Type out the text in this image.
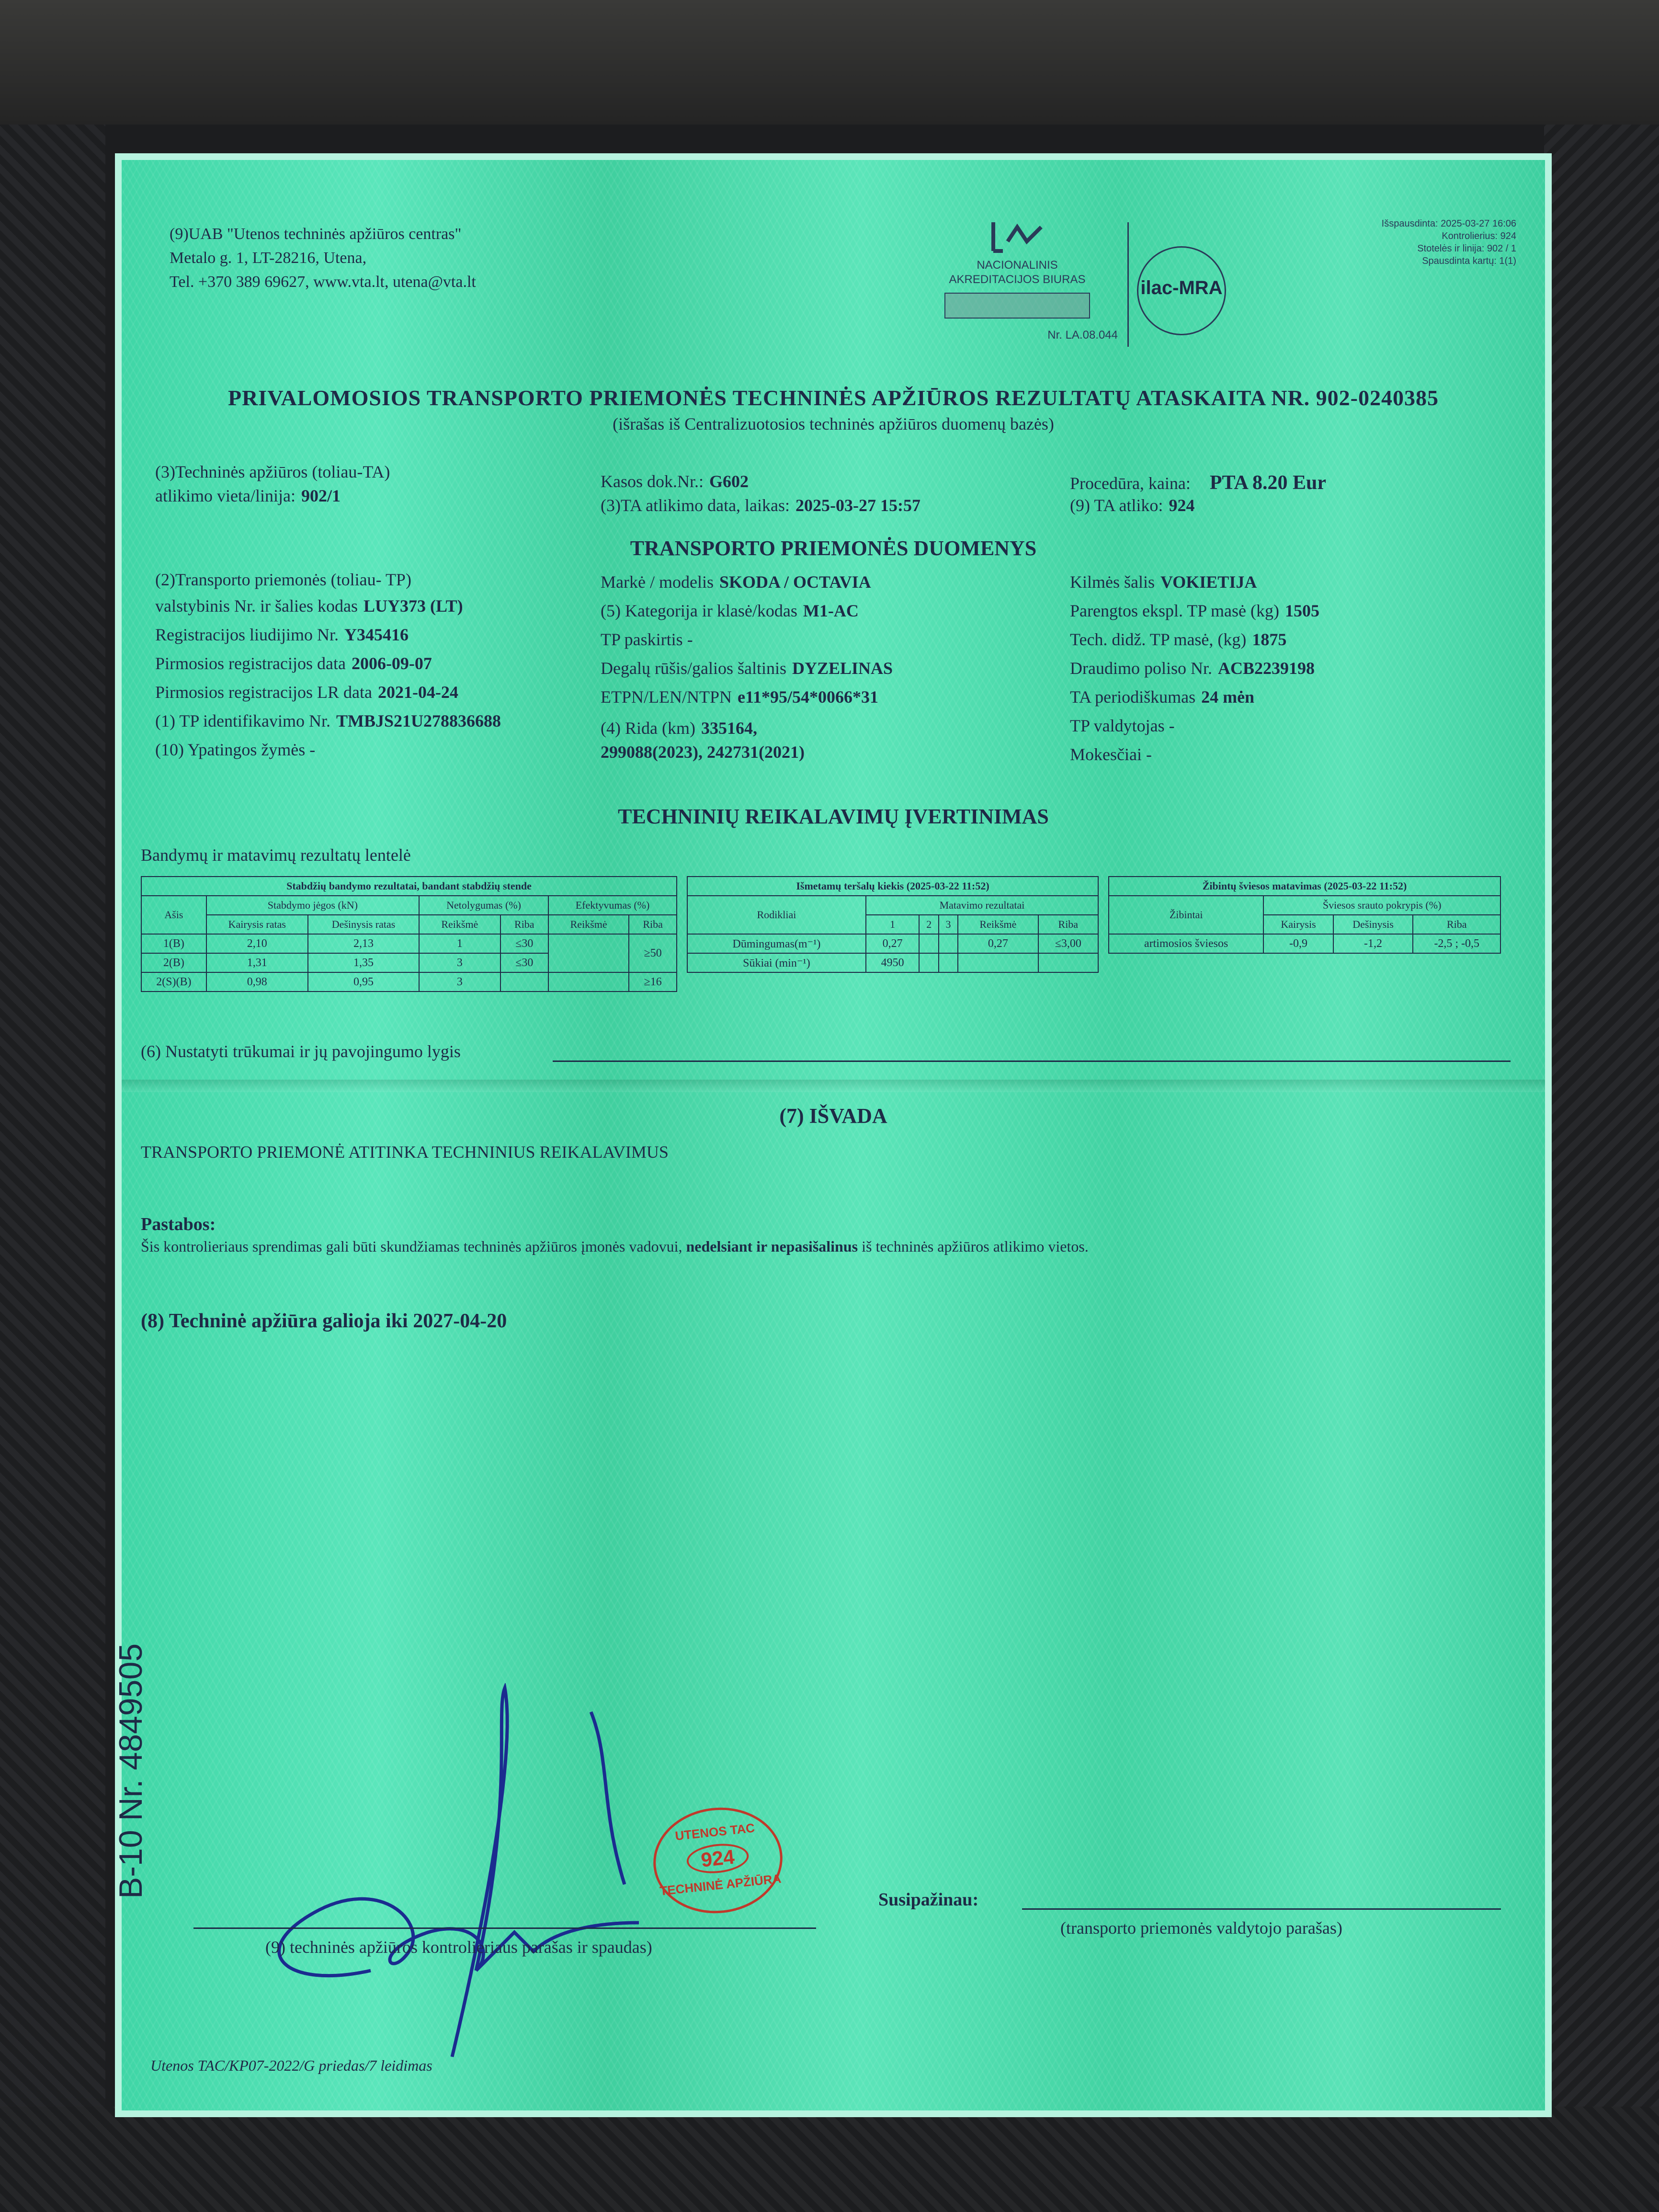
(9)UAB "Utenos techninės apžiūros centras"
Metalo g. 1, LT-28216, Utena,
Tel. +370 389 69627, www.vta.lt, utena@vta.lt
NACIONALINIS
AKREDITACIJOS BIURAS
Nr. LA.08.044
ilac-MRA
Išspausdinta: 2025-03-27 16:06
Kontrolierius: 924
Stotelės ir linija: 902 / 1
Spausdinta kartų: 1(1)
PRIVALOMOSIOS TRANSPORTO PRIEMONĖS TECHNINĖS APŽIŪROS REZULTATŲ ATASKAITA NR. 902-0240385
(išrašas iš Centralizuotosios techninės apžiūros duomenų bazės)
(3)Techninės apžiūros (toliau-TA)
atlikimo vieta/linija: 902/1
Kasos dok.Nr.: G602
(3)TA atlikimo data, laikas: 2025-03-27 15:57
Procedūra, kaina: PTA 8.20 Eur
(9) TA atliko: 924
TRANSPORTO PRIEMONĖS DUOMENYS
(2)Transporto priemonės (toliau- TP)
valstybinis Nr. ir šalies kodas LUY373 (LT)
Registracijos liudijimo Nr. Y345416
Pirmosios registracijos data 2006-09-07
Pirmosios registracijos LR data 2021-04-24
(1) TP identifikavimo Nr. TMBJS21U278836688
(10) Ypatingos žymės -
Markė / modelis SKODA / OCTAVIA
(5) Kategorija ir klasė/kodas M1-AC
TP paskirtis -
Degalų rūšis/galios šaltinis DYZELINAS
ETPN/LEN/NTPN e11*95/54*0066*31
(4) Rida (km) 335164,
299088(2023), 242731(2021)
Kilmės šalis VOKIETIJA
Parengtos ekspl. TP masė (kg) 1505
Tech. didž. TP masė, (kg) 1875
Draudimo poliso Nr. ACB2239198
TA periodiškumas 24 mėn
TP valdytojas -
Mokesčiai -
TECHNINIŲ REIKALAVIMŲ ĮVERTINIMAS
Bandymų ir matavimų rezultatų lentelė
Stabdžių bandymo rezultatai, bandant stabdžių stende						
Ašis	Stabdymo jėgos (kN)		Netolygumas (%)		Efektyvumas (%)	
	Kairysis ratas	Dešinysis ratas	Reikšmė	Riba	Reikšmė	Riba
1(B)	2,10	2,13	1	≤30		≥50
2(B)	1,31	1,35	3	≤30		
2(S)(B)	0,98	0,95	3			≥16
Išmetamų teršalų kiekis (2025-03-22 11:52)					
Rodikliai	Matavimo rezultatai				
	1	2	3	Reikšmė	Riba
Dūmingumas(m⁻¹)	0,27			0,27	≤3,00
Sūkiai (min⁻¹)	4950				
Žibintų šviesos matavimas (2025-03-22 11:52)			
Žibintai	Šviesos srauto pokrypis (%)		
	Kairysis	Dešinysis	Riba
artimosios šviesos	-0,9	-1,2	-2,5 ; -0,5
(6) Nustatyti trūkumai ir jų pavojingumo lygis
(7) IŠVADA
TRANSPORTO PRIEMONĖ ATITINKA TECHNINIUS REIKALAVIMUS
Pastabos:
Šis kontrolieriaus sprendimas gali būti skundžiamas techninės apžiūros įmonės vadovui, nedelsiant ir nepasišalinus iš techninės apžiūros atlikimo vietos.
(8) Techninė apžiūra galioja iki 2027-04-20
UTENOS TAC
924
TECHNINĖ APŽIŪRA
(9) techninės apžiūros kontrolieriaus parašas ir spaudas)
Susipažinau:
(transporto priemonės valdytojo parašas)
B-10 Nr. 4849505
Utenos TAC/KP07-2022/G priedas/7 leidimas
